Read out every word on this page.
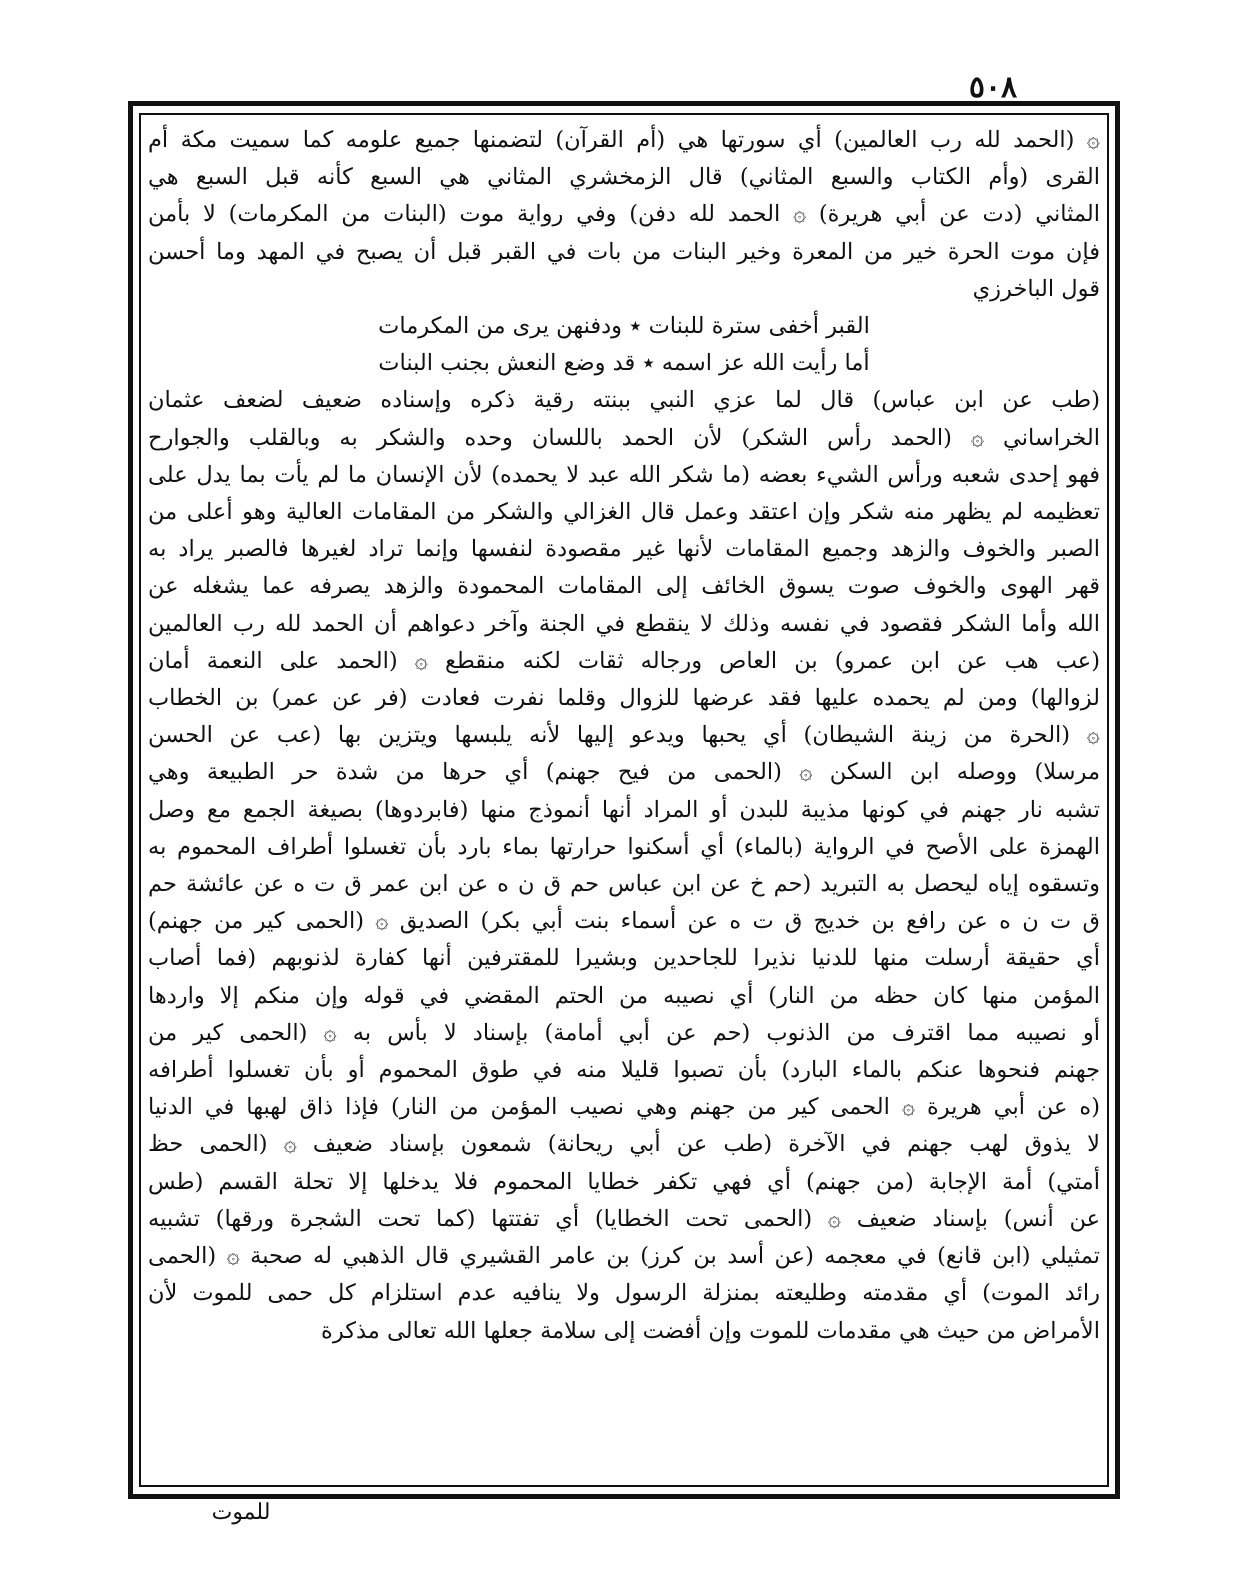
٥٠٨
۞ (الحمد لله رب العالمين) أي سورتها هي (أم القرآن) لتضمنها جميع علومه كما سميت مكة أم
القرى (وأم الكتاب والسبع المثاني) قال الزمخشري المثاني هي السبع كأنه قبل السبع هي
المثاني (دت عن أبي هريرة) ۞ الحمد لله دفن) وفي رواية موت (البنات من المكرمات) لا بأمن
فإن موت الحرة خير من المعرة وخير البنات من بات في القبر قبل أن يصبح في المهد وما أحسن
قول الباخرزي
القبر أخفى سترة للبنات ٭ ودفنهن يرى من المكرمات
أما رأيت الله عز اسمه ٭ قد وضع النعش بجنب البنات
(طب عن ابن عباس) قال لما عزي النبي ببنته رقية ذكره وإسناده ضعيف لضعف عثمان
الخراساني ۞ (الحمد رأس الشكر) لأن الحمد باللسان وحده والشكر به وبالقلب والجوارح
فهو إحدى شعبه ورأس الشيء بعضه (ما شكر الله عبد لا يحمده) لأن الإنسان ما لم يأت بما يدل على
تعظيمه لم يظهر منه شكر وإن اعتقد وعمل قال الغزالي والشكر من المقامات العالية وهو أعلى من
الصبر والخوف والزهد وجميع المقامات لأنها غير مقصودة لنفسها وإنما تراد لغيرها فالصبر يراد به
قهر الهوى والخوف صوت يسوق الخائف إلى المقامات المحمودة والزهد يصرفه عما يشغله عن
الله وأما الشكر فقصود في نفسه وذلك لا ينقطع في الجنة وآخر دعواهم أن الحمد لله رب العالمين
(عب هب عن ابن عمرو) بن العاص ورجاله ثقات لكنه منقطع ۞ (الحمد على النعمة أمان
لزوالها) ومن لم يحمده عليها فقد عرضها للزوال وقلما نفرت فعادت (فر عن عمر) بن الخطاب
۞ (الحرة من زينة الشيطان) أي يحبها ويدعو إليها لأنه يلبسها ويتزين بها (عب عن الحسن
مرسلا) ووصله ابن السكن ۞ (الحمى من فيح جهنم) أي حرها من شدة حر الطبيعة وهي
تشبه نار جهنم في كونها مذيبة للبدن أو المراد أنها أنموذج منها (فابردوها) بصيغة الجمع مع وصل
الهمزة على الأصح في الرواية (بالماء) أي أسكنوا حرارتها بماء بارد بأن تغسلوا أطراف المحموم به
وتسقوه إياه ليحصل به التبريد (حم خ عن ابن عباس حم ق ن ه عن ابن عمر ق ت ه عن عائشة حم
ق ت ن ه عن رافع بن خديج ق ت ه عن أسماء بنت أبي بكر) الصديق ۞ (الحمى كير من جهنم)
أي حقيقة أرسلت منها للدنيا نذيرا للجاحدين وبشيرا للمقترفين أنها كفارة لذنوبهم (فما أصاب
المؤمن منها كان حظه من النار) أي نصيبه من الحتم المقضي في قوله وإن منكم إلا واردها
أو نصيبه مما اقترف من الذنوب (حم عن أبي أمامة) بإسناد لا بأس به ۞ (الحمى كير من
جهنم فنحوها عنكم بالماء البارد) بأن تصبوا قليلا منه في طوق المحموم أو بأن تغسلوا أطرافه
(ه عن أبي هريرة ۞ الحمى كير من جهنم وهي نصيب المؤمن من النار) فإذا ذاق لهبها في الدنيا
لا يذوق لهب جهنم في الآخرة (طب عن أبي ريحانة) شمعون بإسناد ضعيف ۞ (الحمى حظ
أمتي) أمة الإجابة (من جهنم) أي فهي تكفر خطايا المحموم فلا يدخلها إلا تحلة القسم (طس
عن أنس) بإسناد ضعيف ۞ (الحمى تحت الخطايا) أي تفتتها (كما تحت الشجرة ورقها) تشبيه
تمثيلي (ابن قانع) في معجمه (عن أسد بن كرز) بن عامر القشيري قال الذهبي له صحبة ۞ (الحمى
رائد الموت) أي مقدمته وطليعته بمنزلة الرسول ولا ينافيه عدم استلزام كل حمى للموت لأن
الأمراض من حيث هي مقدمات للموت وإن أفضت إلى سلامة جعلها الله تعالى مذكرة
للموت
